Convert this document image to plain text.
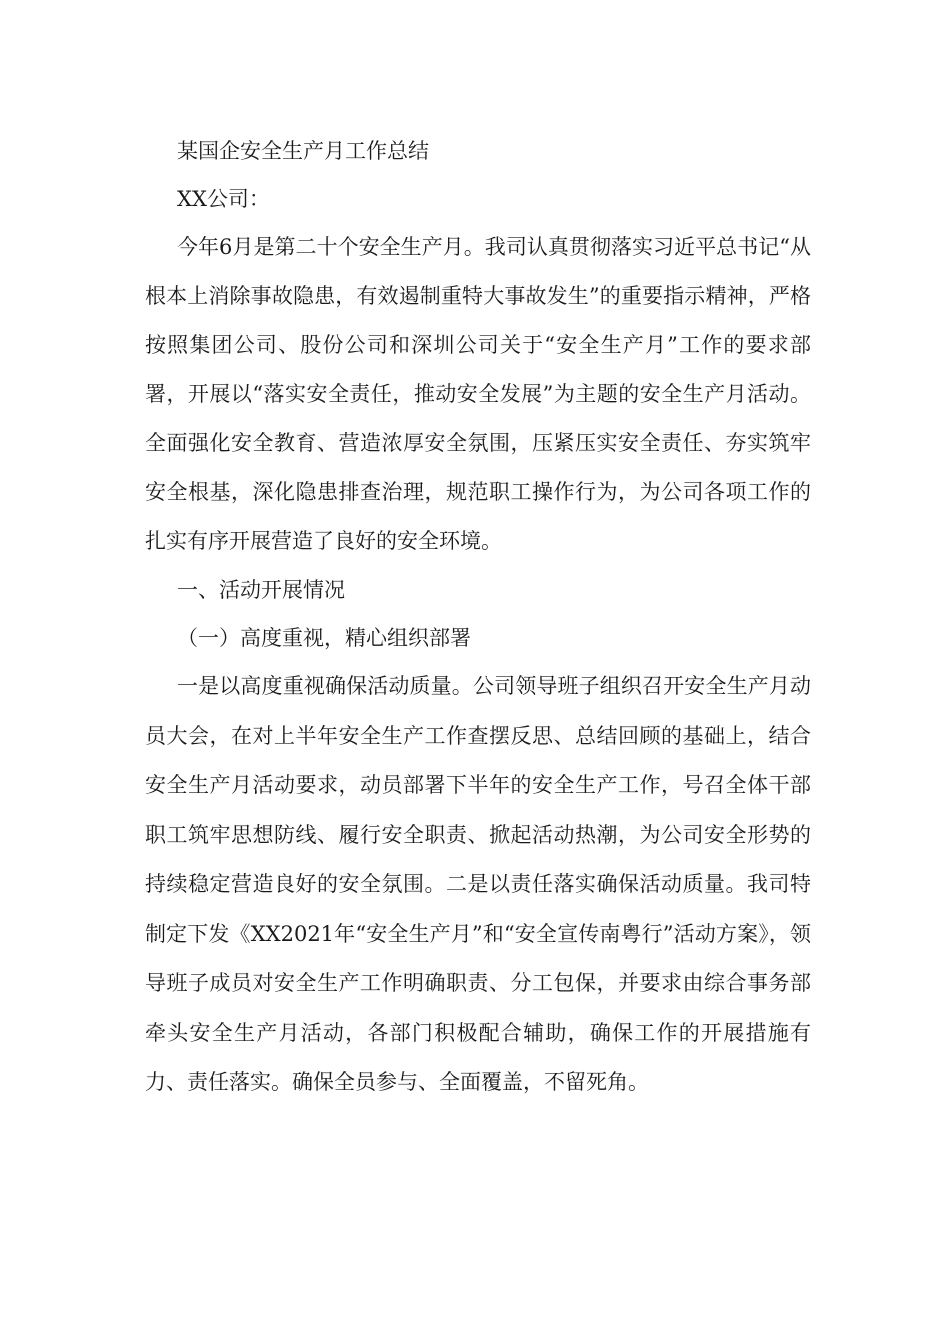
某国企安全生产月工作总结
XX公司：

今年6月是第二十个安全生产月。我司认真贯彻落实习近平总书记“从根本上消除事故隐患，有效遏制重特大事故发生”的重要指示精神，严格按照集团公司、股份公司和深圳公司关于“安全生产月”工作的要求部署，开展以“落实安全责任，推动安全发展”为主题的安全生产月活动。全面强化安全教育、营造浓厚安全氛围，压紧压实安全责任、夯实筑牢安全根基，深化隐患排查治理，规范职工操作行为，为公司各项工作的扎实有序开展营造了良好的安全环境。

一、活动开展情况
（一）高度重视，精心组织部署

一是以高度重视确保活动质量。公司领导班子组织召开安全生产月动员大会，在对上半年安全生产工作查摆反思、总结回顾的基础上，结合安全生产月活动要求，动员部署下半年的安全生产工作，号召全体干部职工筑牢思想防线、履行安全职责、掀起活动热潮，为公司安全形势的持续稳定营造良好的安全氛围。二是以责任落实确保活动质量。我司特制定下发《XX2021年“安全生产月”和“安全宣传南粤行”活动方案》，领导班子成员对安全生产工作明确职责、分工包保，并要求由综合事务部牵头安全生产月活动，各部门积极配合辅助，确保工作的开展措施有力、责任落实。确保全员参与、全面覆盖，不留死角。
